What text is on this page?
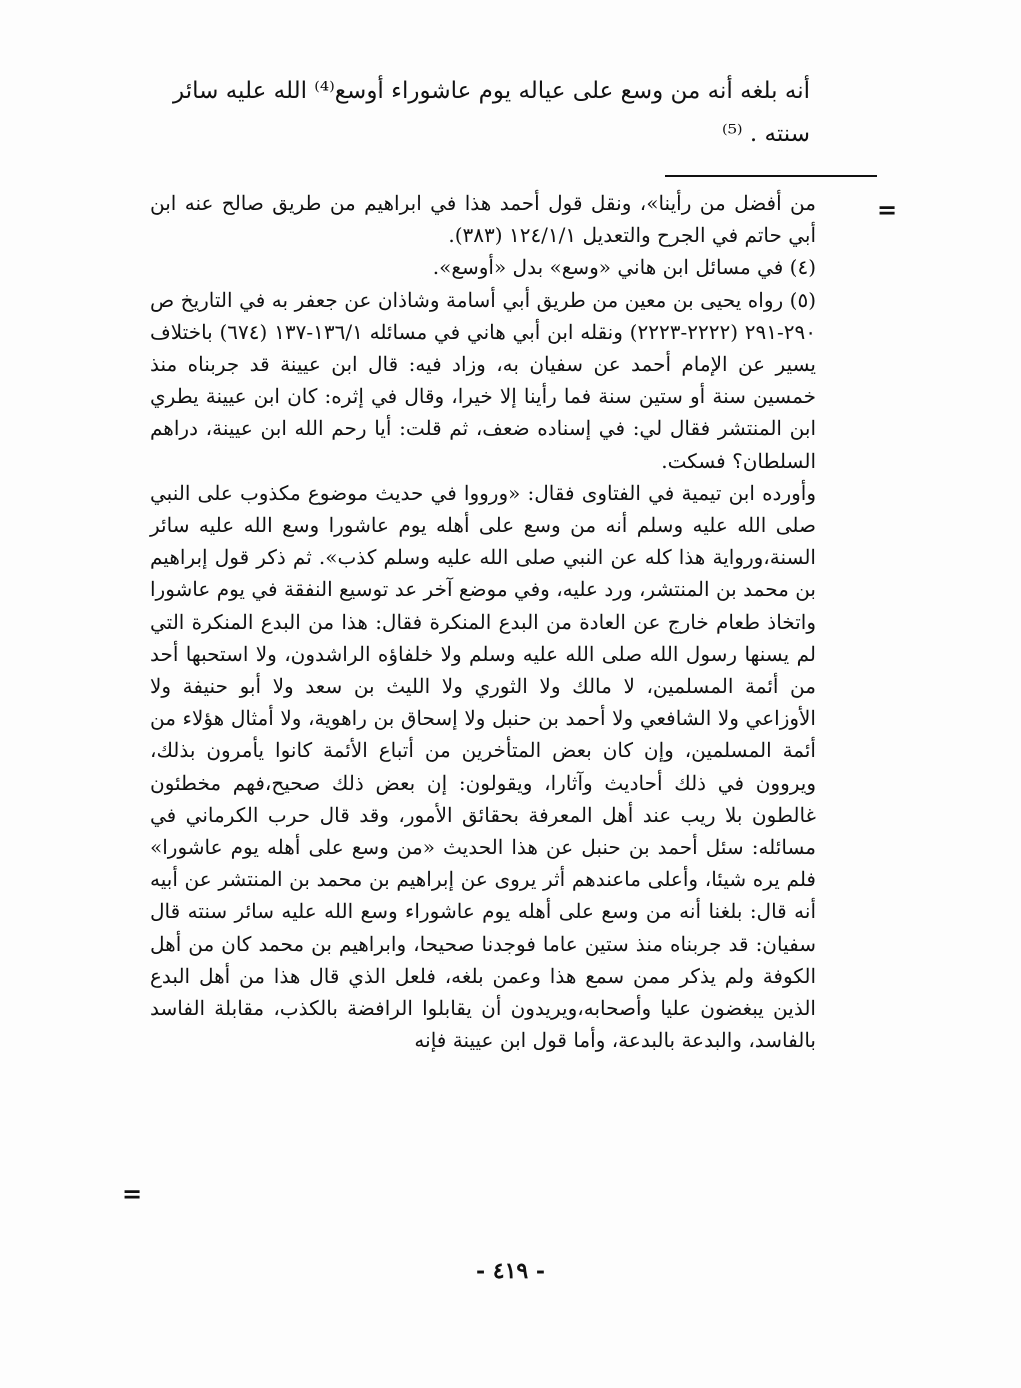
أنه بلغه أنه من وسع على عياله يوم عاشوراء أوسع⁽⁴⁾ الله عليه سائر سنته . ⁽⁵⁾

=

من أفضل من رأينا»، ونقل قول أحمد هذا في ابراهيم من طريق صالح عنه ابن أبي حاتم في الجرح والتعديل ١٢٤/١/١ (٣٨٣).

(٤) في مسائل ابن هاني «وسع» بدل «أوسع».

(٥) رواه يحيى بن معين من طريق أبي أسامة وشاذان عن جعفر به في التاريخ ص ٢٩٠-٢٩١ (٢٢٢٢-٢٢٢٣) ونقله ابن أبي هاني في مسائله ١٣٦/١-١٣٧ (٦٧٤) باختلاف يسير عن الإمام أحمد عن سفيان به، وزاد فيه: قال ابن عيينة قد جربناه منذ خمسين سنة أو ستين سنة فما رأينا إلا خيرا، وقال في إثره: كان ابن عيينة يطري ابن المنتشر فقال لي: في إسناده ضعف، ثم قلت: أيا رحم الله ابن عيينة، دراهم السلطان؟ فسكت.

وأورده ابن تيمية في الفتاوى فقال: «ورووا في حديث موضوع مكذوب على النبي صلى الله عليه وسلم أنه من وسع على أهله يوم عاشورا وسع الله عليه سائر السنة،ورواية هذا كله عن النبي صلى الله عليه وسلم كذب». ثم ذكر قول إبراهيم بن محمد بن المنتشر، ورد عليه، وفي موضع آخر عد توسيع النفقة في يوم عاشورا واتخاذ طعام خارج عن العادة من البدع المنكرة فقال: هذا من البدع المنكرة التي لم يسنها رسول الله صلى الله عليه وسلم ولا خلفاؤه الراشدون، ولا استحبها أحد من أئمة المسلمين، لا مالك ولا الثوري ولا الليث بن سعد ولا أبو حنيفة ولا الأوزاعي ولا الشافعي ولا أحمد بن حنبل ولا إسحاق بن راهوية، ولا أمثال هؤلاء من أئمة المسلمين، وإن كان بعض المتأخرين من أتباع الأئمة كانوا يأمرون بذلك، ويروون في ذلك أحاديث وآثارا، ويقولون: إن بعض ذلك صحيح،فهم مخطئون غالطون بلا ريب عند أهل المعرفة بحقائق الأمور، وقد قال حرب الكرماني في مسائله: سئل أحمد بن حنبل عن هذا الحديث «من وسع على أهله يوم عاشورا» فلم يره شيئا، وأعلى ماعندهم أثر يروى عن إبراهيم بن محمد بن المنتشر عن أبيه أنه قال: بلغنا أنه من وسع على أهله يوم عاشوراء وسع الله عليه سائر سنته قال سفيان: قد جربناه منذ ستين عاما فوجدنا صحيحا، وابراهيم بن محمد كان من أهل الكوفة ولم يذكر ممن سمع هذا وعمن بلغه، فلعل الذي قال هذا من أهل البدع الذين يبغضون عليا وأصحابه،ويريدون أن يقابلوا الرافضة بالكذب، مقابلة الفاسد بالفاسد، والبدعة بالبدعة، وأما قول ابن عيينة فإنه

=
- ٤١٩ -
